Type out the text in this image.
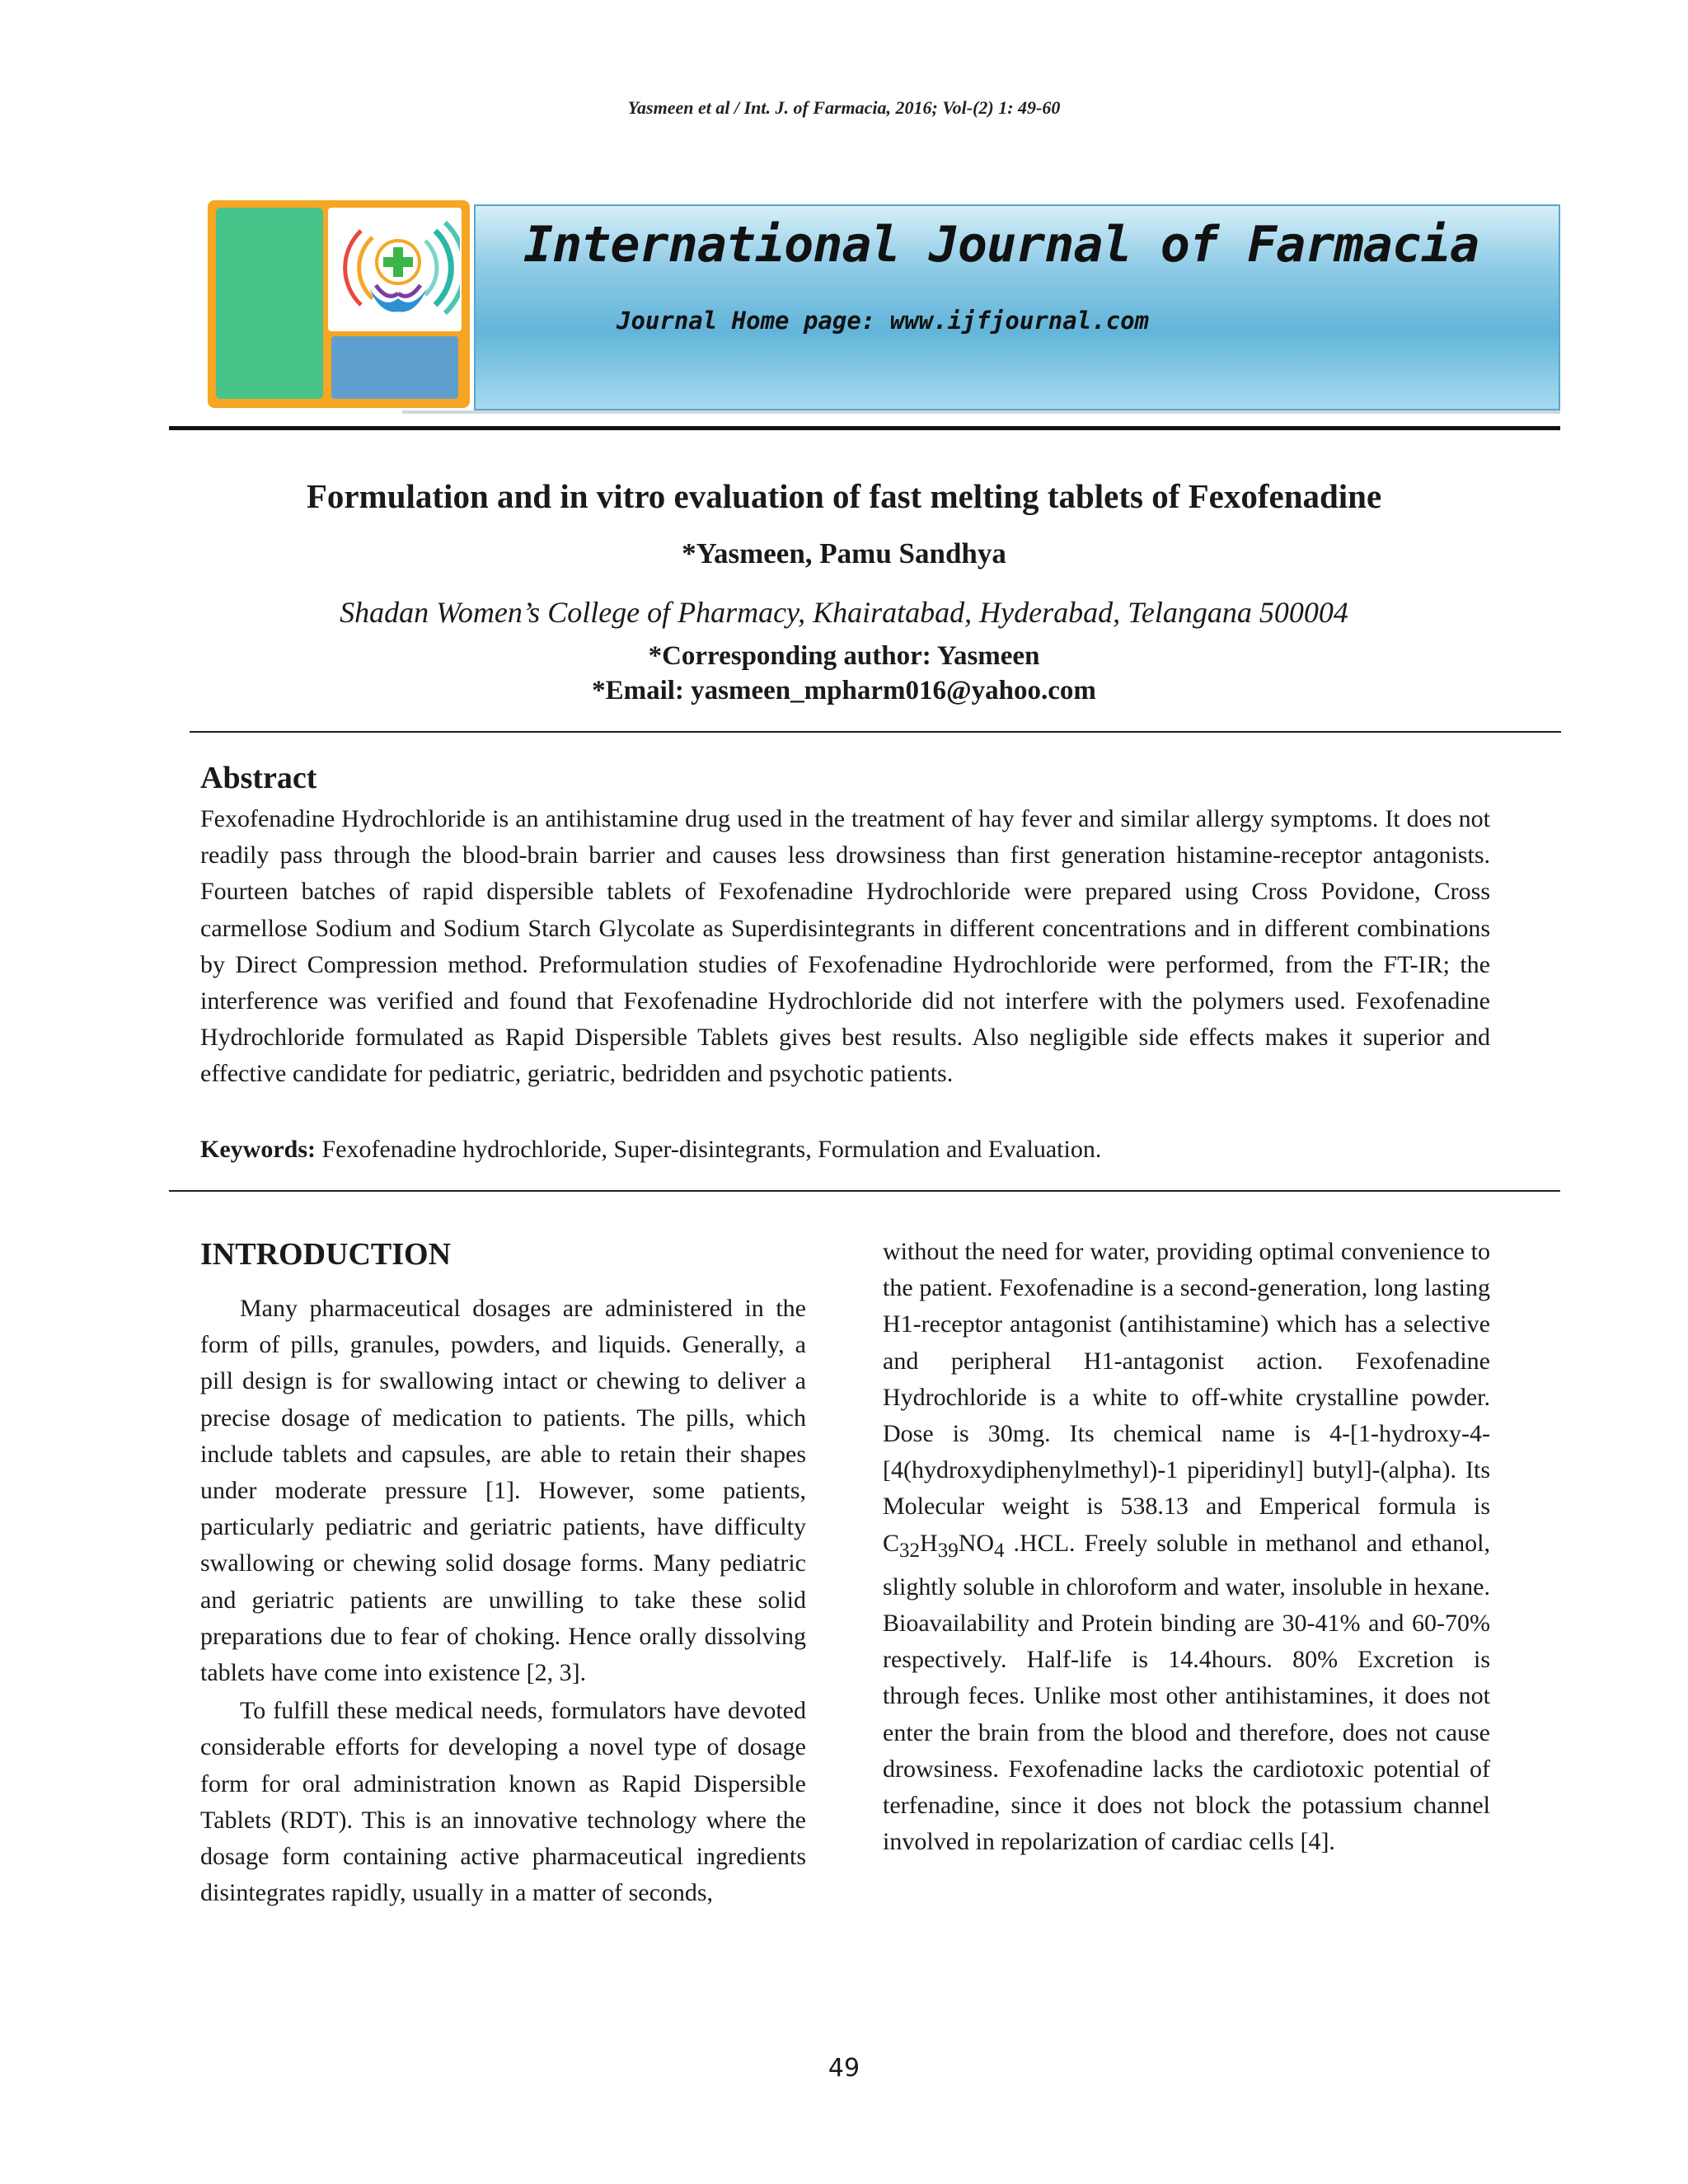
Yasmeen et al / Int. J. of Farmacia, 2016; Vol-(2) 1: 49-60
International Journal of Farmacia
Journal Home page: www.ijfjournal.com
Formulation and in vitro evaluation of fast melting tablets of Fexofenadine
*Yasmeen, Pamu Sandhya
Shadan Women’s College of Pharmacy, Khairatabad, Hyderabad, Telangana 500004
*Corresponding author: Yasmeen
*Email: yasmeen_mpharm016@yahoo.com
Abstract
Fexofenadine Hydrochloride is an antihistamine drug used in the treatment of hay fever and similar allergy symptoms. It does not readily pass through the blood-brain barrier and causes less drowsiness than first generation histamine-receptor antagonists. Fourteen batches of rapid dispersible tablets of Fexofenadine Hydrochloride were prepared using Cross Povidone, Cross carmellose Sodium and Sodium Starch Glycolate as Superdisintegrants in different concentrations and in different combinations by Direct Compression method. Preformulation studies of Fexofenadine Hydrochloride were performed, from the FT-IR; the interference was verified and found that Fexofenadine Hydrochloride did not interfere with the polymers used. Fexofenadine Hydrochloride formulated as Rapid Dispersible Tablets gives best results. Also negligible side effects makes it superior and effective candidate for pediatric, geriatric, bedridden and psychotic patients.
Keywords: Fexofenadine hydrochloride, Super-disintegrants, Formulation and Evaluation.
INTRODUCTION

Many pharmaceutical dosages are administered in the form of pills, granules, powders, and liquids. Generally, a pill design is for swallowing intact or chewing to deliver a precise dosage of medication to patients. The pills, which include tablets and capsules, are able to retain their shapes under moderate pressure [1]. However, some patients, particularly pediatric and geriatric patients, have difficulty swallowing or chewing solid dosage forms. Many pediatric and geriatric patients are unwilling to take these solid preparations due to fear of choking. Hence orally dissolving tablets have come into existence [2, 3].

To fulfill these medical needs, formulators have devoted considerable efforts for developing a novel type of dosage form for oral administration known as Rapid Dispersible Tablets (RDT). This is an innovative technology where the dosage form containing active pharmaceutical ingredients disintegrates rapidly, usually in a matter of seconds,

without the need for water, providing optimal convenience to the patient. Fexofenadine is a second-generation, long lasting H1-receptor antagonist (antihistamine) which has a selective and peripheral H1-antagonist action. Fexofenadine Hydrochloride is a white to off-white crystalline powder. Dose is 30mg. Its chemical name is 4-[1-hydroxy-4-[4(hydroxydiphenylmethyl)-1 piperidinyl] butyl]-(alpha). Its Molecular weight is 538.13 and Emperical formula is $C_{32}H_{39}NO_4$ .HCL. Freely soluble in methanol and ethanol, slightly soluble in chloroform and water, insoluble in hexane. Bioavailability and Protein binding are 30-41% and 60-70% respectively. Half-life is 14.4hours. 80% Excretion is through feces. Unlike most other antihistamines, it does not enter the brain from the blood and therefore, does not cause drowsiness. Fexofenadine lacks the cardiotoxic potential of terfenadine, since it does not block the potassium channel involved in repolarization of cardiac cells [4].

49
